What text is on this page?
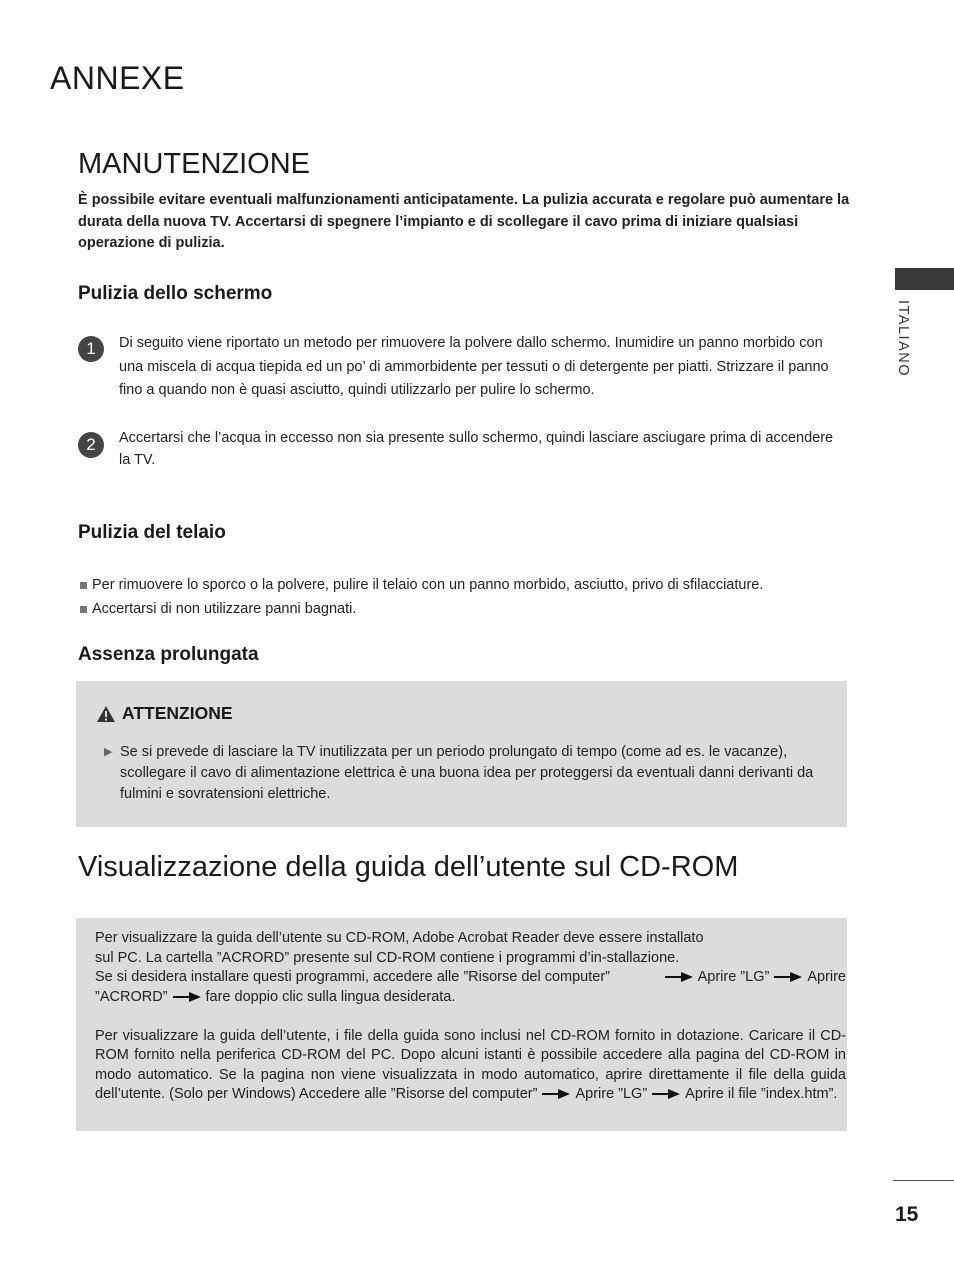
ANNEXE
MANUTENZIONE
È possibile evitare eventuali malfunzionamenti anticipatamente. La pulizia accurata e regolare può aumentare la durata della nuova TV. Accertarsi di spegnere l’impianto e di scollegare il cavo prima di iniziare qualsiasi operazione di pulizia.
Pulizia dello schermo
1	Di seguito viene riportato un metodo per rimuovere la polvere dallo schermo. Inumidire un panno morbido con una miscela di acqua tiepida ed un po’ di ammorbidente per tessuti o di detergente per piatti. Strizzare il panno fino a quando non è quasi asciutto, quindi utilizzarlo per pulire lo schermo.
2	Accertarsi che l’acqua in eccesso non sia presente sullo schermo, quindi lasciare asciugare prima di accendere la TV.
Pulizia del telaio
Per rimuovere lo sporco o la polvere, pulire il telaio con un panno morbido, asciutto, privo di sfilacciature.
Accertarsi di non utilizzare panni bagnati.
Assenza prolungata
ATTENZIONE
▶ Se si prevede di lasciare la TV inutilizzata per un periodo prolungato di tempo (come ad es. le vacanze), scollegare il cavo di alimentazione elettrica è una buona idea per proteggersi da eventuali danni derivanti da fulmini e sovratensioni elettriche.
Visualizzazione della guida dell’utente sul CD-ROM

Per visualizzare la guida dell’utente su CD-ROM, Adobe Acrobat Reader deve essere installato

sul PC. La cartella ”ACRORD” presente sul CD-ROM contiene i programmi d’in-stallazione.

Se si desidera installare questi programmi, accedere alle ”Risorse del computer”	Aprire ”LG”	Aprire

”ACRORD”	fare doppio clic sulla lingua desiderata.

Per visualizzare la guida dell’utente, i file della guida sono inclusi nel CD-ROM fornito in dotazione. Caricare il CD-ROM fornito nella periferica CD-ROM del PC. Dopo alcuni istanti è possibile accedere alla pagina del CD-ROM in modo automatico. Se la pagina non viene visualizzata in modo automatico, aprire direttamente il file della guida dell’utente. (Solo per Windows) Accedere alle ”Risorse del computer”	Aprire ”LG”	Aprire il file ”index.htm”.

ITALIANO
15
